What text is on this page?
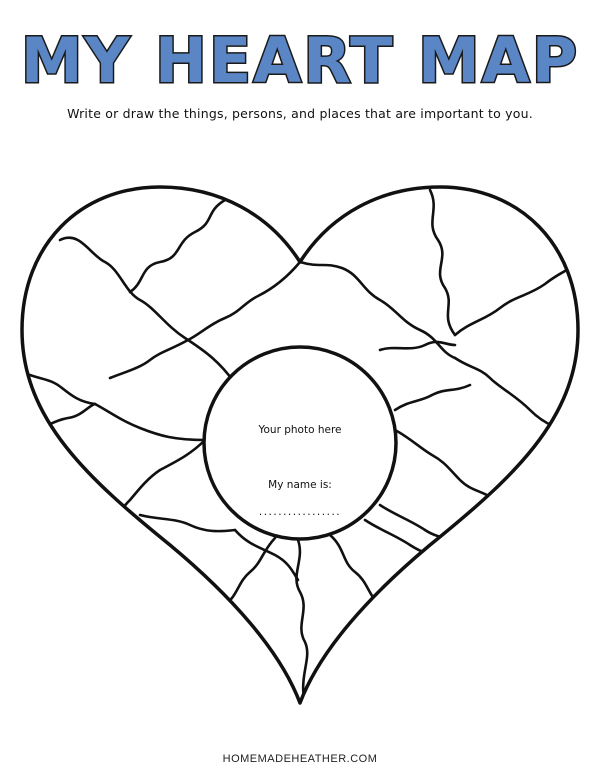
MY HEART MAP
Write or draw the things, persons, and places that are important to you.
Your photo here
My name is:
.................
HOMEMADEHEATHER.COM
